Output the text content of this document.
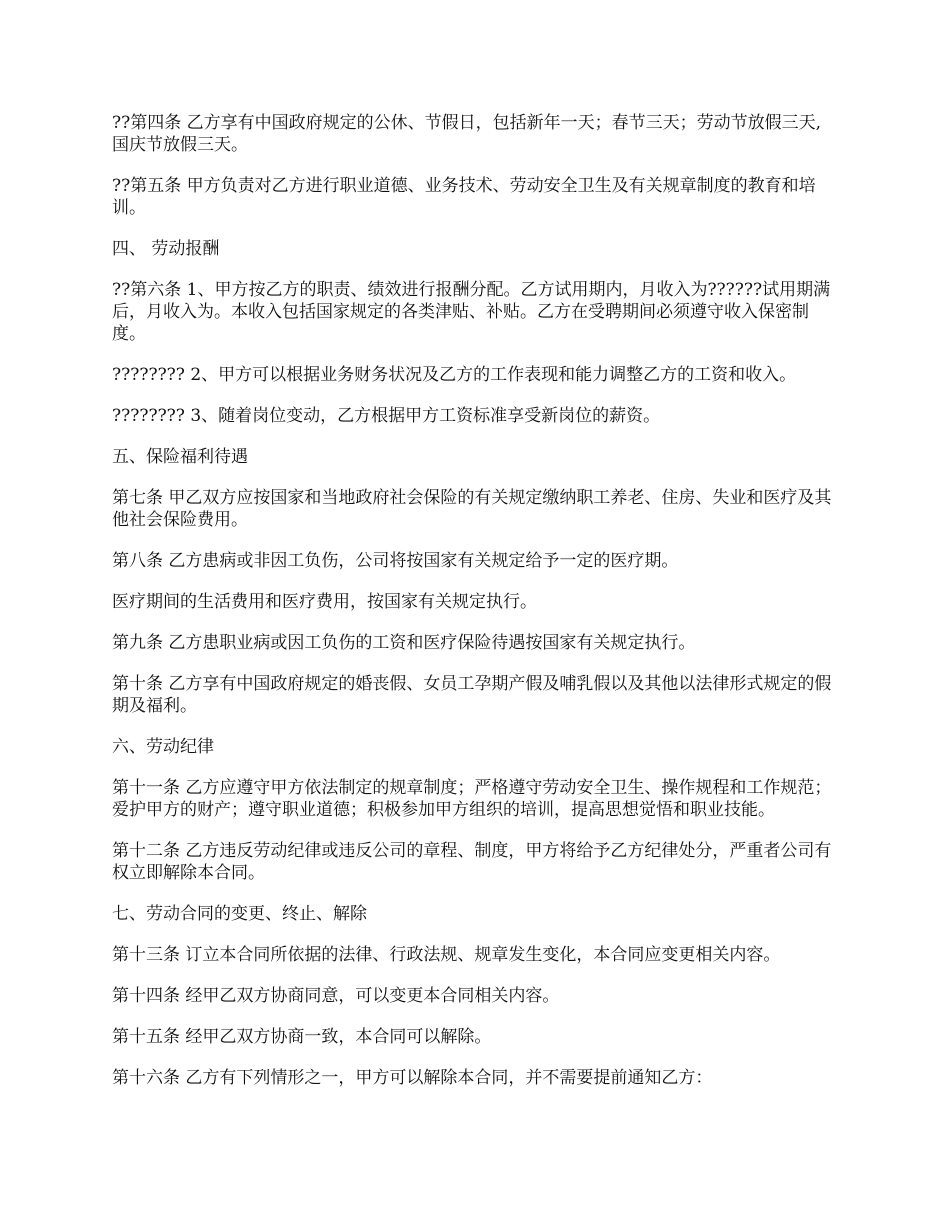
??第四条 乙方享有中国政府规定的公休、节假日，包括新年一天；春节三天；劳动节放假三天, 国庆节放假三天。

??第五条 甲方负责对乙方进行职业道德、业务技术、劳动安全卫生及有关规章制度的教育和培训。

四、 劳动报酬

??第六条 1、甲方按乙方的职责、绩效进行报酬分配。乙方试用期内，月收入为??????试用期满后，月收入为。本收入包括国家规定的各类津贴、补贴。乙方在受聘期间必须遵守收入保密制度。

???????? 2、甲方可以根据业务财务状况及乙方的工作表现和能力调整乙方的工资和收入。

???????? 3、随着岗位变动，乙方根据甲方工资标准享受新岗位的薪资。

五、保险福利待遇

第七条 甲乙双方应按国家和当地政府社会保险的有关规定缴纳职工养老、住房、失业和医疗及其他社会保险费用。

第八条 乙方患病或非因工负伤，公司将按国家有关规定给予一定的医疗期。

医疗期间的生活费用和医疗费用，按国家有关规定执行。

第九条 乙方患职业病或因工负伤的工资和医疗保险待遇按国家有关规定执行。

第十条 乙方享有中国政府规定的婚丧假、女员工孕期产假及哺乳假以及其他以法律形式规定的假期及福利。

六、劳动纪律

第十一条 乙方应遵守甲方依法制定的规章制度；严格遵守劳动安全卫生、操作规程和工作规范；爱护甲方的财产；遵守职业道德；积极参加甲方组织的培训，提高思想觉悟和职业技能。

第十二条 乙方违反劳动纪律或违反公司的章程、制度，甲方将给予乙方纪律处分，严重者公司有权立即解除本合同。

七、劳动合同的变更、终止、解除

第十三条 订立本合同所依据的法律、行政法规、规章发生变化，本合同应变更相关内容。

第十四条 经甲乙双方协商同意，可以变更本合同相关内容。

第十五条 经甲乙双方协商一致，本合同可以解除。

第十六条 乙方有下列情形之一，甲方可以解除本合同，并不需要提前通知乙方：
